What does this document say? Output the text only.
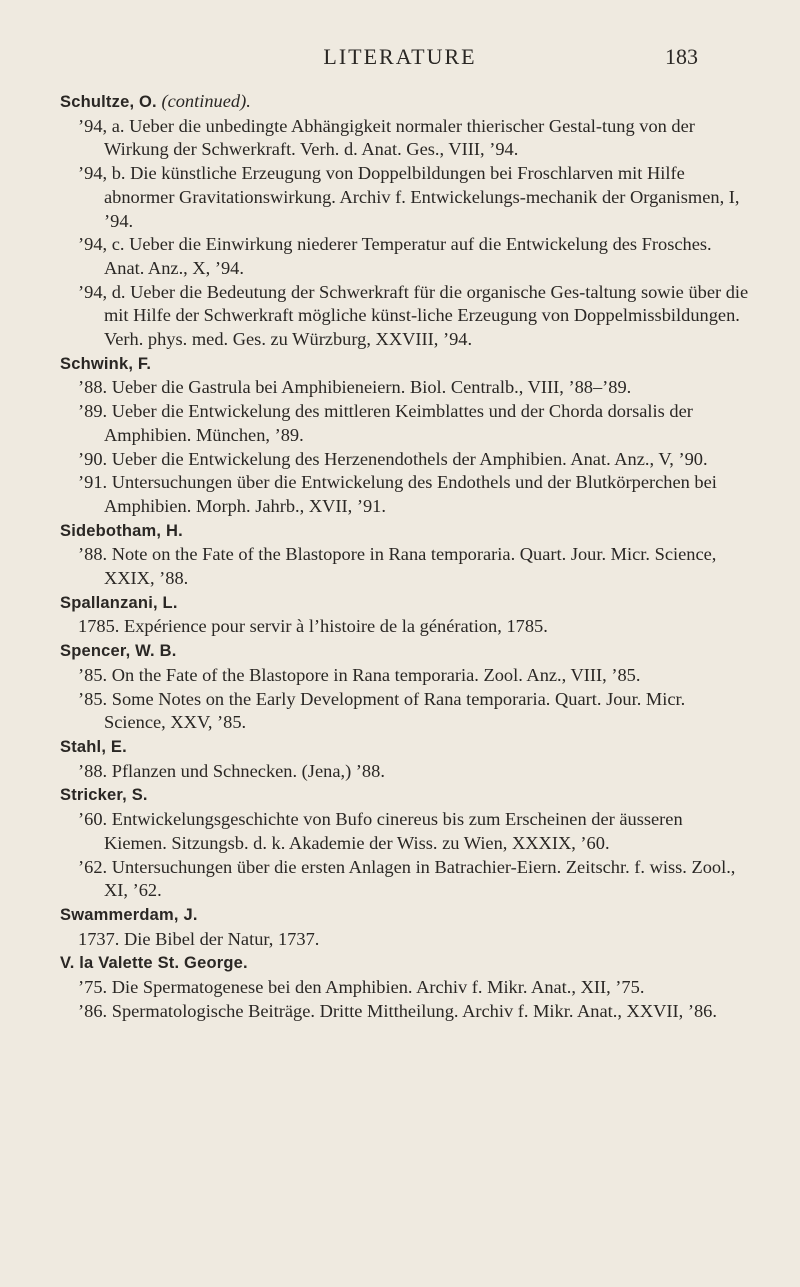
LITERATURE	183
Schultze, O. (continued).

’94, a. Ueber die unbedingte Abhängigkeit normaler thierischer Gestal-tung von der Wirkung der Schwerkraft. Verh. d. Anat. Ges., VIII, ’94.

’94, b. Die künstliche Erzeugung von Doppelbildungen bei Froschlarven mit Hilfe abnormer Gravitationswirkung. Archiv f. Entwickelungs-mechanik der Organismen, I, ’94.

’94, c. Ueber die Einwirkung niederer Temperatur auf die Entwickelung des Frosches. Anat. Anz., X, ’94.

’94, d. Ueber die Bedeutung der Schwerkraft für die organische Ges-taltung sowie über die mit Hilfe der Schwerkraft mögliche künst-liche Erzeugung von Doppelmissbildungen. Verh. phys. med. Ges. zu Würzburg, XXVIII, ’94.

Schwink, F.

’88. Ueber die Gastrula bei Amphibieneiern. Biol. Centralb., VIII, ’88–’89.

’89. Ueber die Entwickelung des mittleren Keimblattes und der Chorda dorsalis der Amphibien. München, ’89.

’90. Ueber die Entwickelung des Herzenendothels der Amphibien. Anat. Anz., V, ’90.

’91. Untersuchungen über die Entwickelung des Endothels und der Blutkörperchen bei Amphibien. Morph. Jahrb., XVII, ’91.

Sidebotham, H.

’88. Note on the Fate of the Blastopore in Rana temporaria. Quart. Jour. Micr. Science, XXIX, ’88.

Spallanzani, L.

1785. Expérience pour servir à l’histoire de la génération, 1785.

Spencer, W. B.

’85. On the Fate of the Blastopore in Rana temporaria. Zool. Anz., VIII, ’85.

’85. Some Notes on the Early Development of Rana temporaria. Quart. Jour. Micr. Science, XXV, ’85.

Stahl, E.

’88. Pflanzen und Schnecken. (Jena,) ’88.

Stricker, S.

’60. Entwickelungsgeschichte von Bufo cinereus bis zum Erscheinen der äusseren Kiemen. Sitzungsb. d. k. Akademie der Wiss. zu Wien, XXXIX, ’60.

’62. Untersuchungen über die ersten Anlagen in Batrachier-Eiern. Zeitschr. f. wiss. Zool., XI, ’62.

Swammerdam, J.

1737. Die Bibel der Natur, 1737.

V. la Valette St. George.

’75. Die Spermatogenese bei den Amphibien. Archiv f. Mikr. Anat., XII, ’75.

’86. Spermatologische Beiträge. Dritte Mittheilung. Archiv f. Mikr. Anat., XXVII, ’86.
